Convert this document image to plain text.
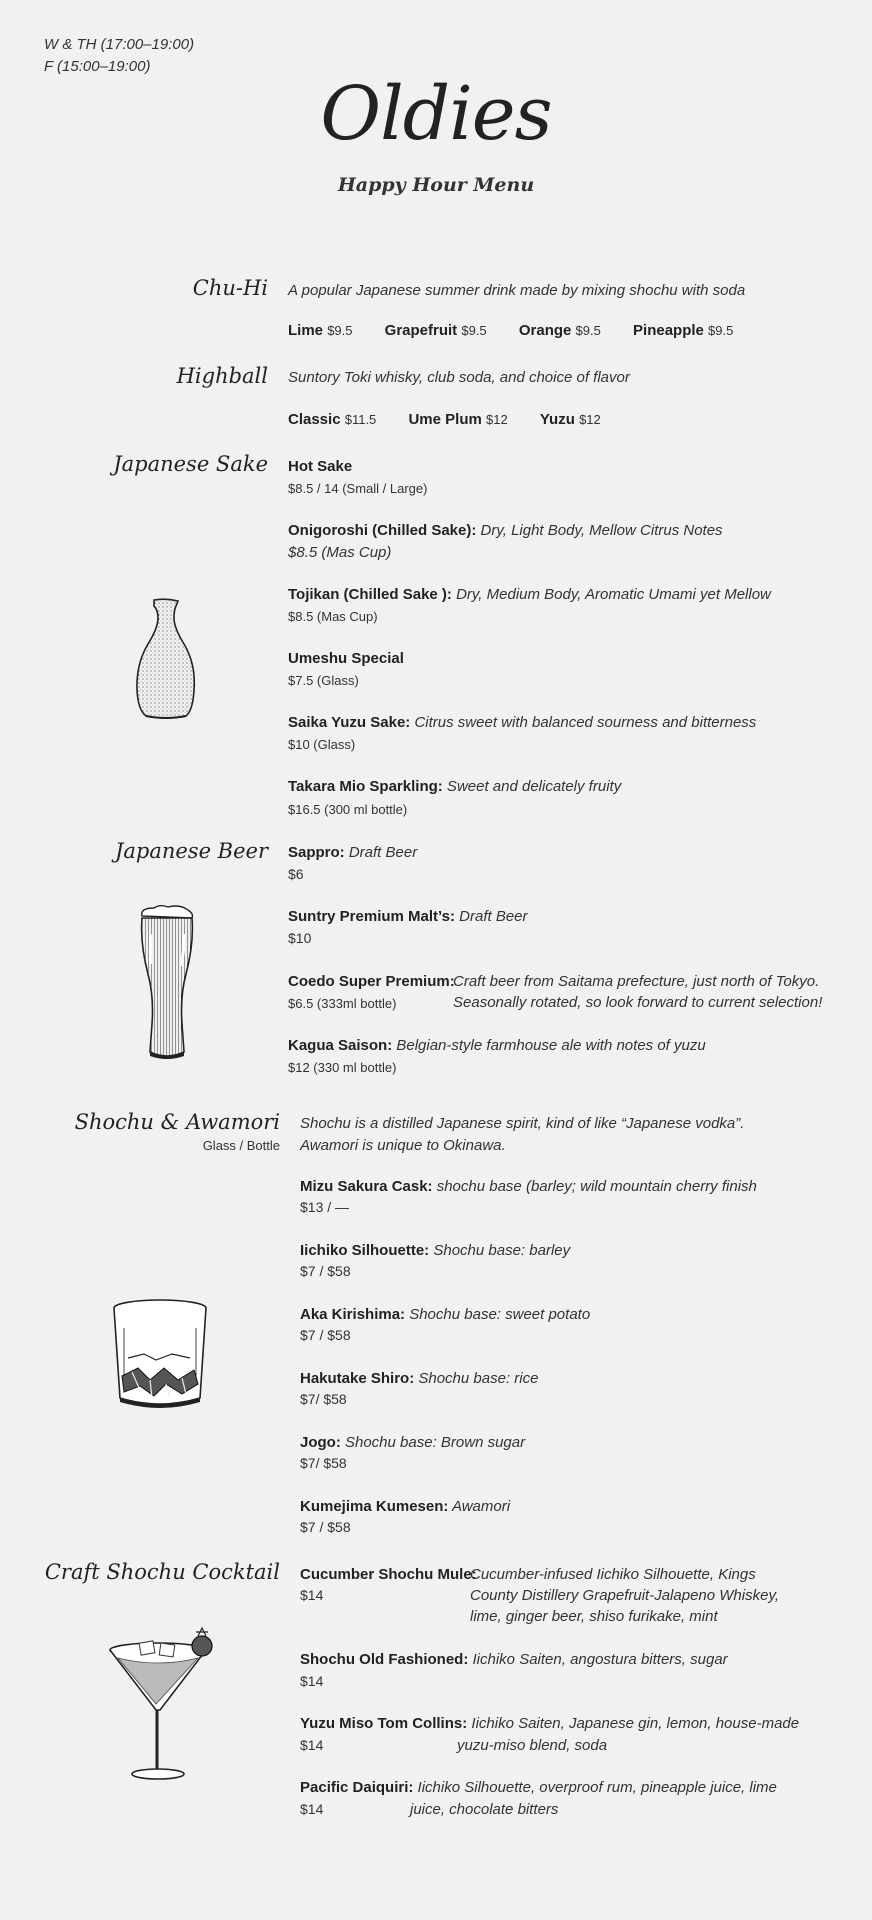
W & TH (17:00–19:00)
F (15:00–19:00)
Oldies
Happy Hour Menu
Chu-Hi A popular Japanese summer drink made by mixing shochu with soda
Lime $9.5 Grapefruit $9.5 Orange $9.5 Pineapple $9.5
Highball Suntory Toki whisky, club soda, and choice of flavor
Classic $11.5 Ume Plum $12 Yuzu $12
Japanese Sake Hot Sake
$8.5 / 14 (Small / Large)
Onigoroshi (Chilled Sake): Dry, Light Body, Mellow Citrus Notes
$8.5 (Mas Cup)
Tojikan (Chilled Sake ): Dry, Medium Body, Aromatic Umami yet Mellow
$8.5 (Mas Cup)
Umeshu Special
$7.5 (Glass)
Saika Yuzu Sake: Citrus sweet with balanced sourness and bitterness
$10 (Glass)
Takara Mio Sparkling: Sweet and delicately fruity
$16.5 (300 ml bottle)
Japanese Beer Sappro: Draft Beer
$6
Suntry Premium Malt’s: Draft Beer
$10
Coedo Super Premium:
Craft beer from Saitama prefecture, just north of Tokyo.
Seasonally rotated, so look forward to current selection!
$6.5 (333ml bottle)
Kagua Saison: Belgian-style farmhouse ale with notes of yuzu
$12 (330 ml bottle)
Shochu & Awamori
Glass / Bottle
Shochu is a distilled Japanese spirit, kind of like “Japanese vodka”.
Awamori is unique to Okinawa.
Mizu Sakura Cask: shochu base (barley; wild mountain cherry finish
$13 / —
Iichiko Silhouette: Shochu base: barley
$7 / $58
Aka Kirishima: Shochu base: sweet potato
$7 / $58
Hakutake Shiro: Shochu base: rice
$7/ $58
Jogo: Shochu base: Brown sugar
$7/ $58
Kumejima Kumesen: Awamori
$7 / $58
Craft Shochu Cocktail Cucumber Shochu Mule:
Cucumber-infused Iichiko Silhouette, Kings
County Distillery Grapefruit-Jalapeno Whiskey,
lime, ginger beer, shiso furikake, mint
$14
Shochu Old Fashioned: Iichiko Saiten, angostura bitters, sugar
$14
Yuzu Miso Tom Collins: Iichiko Saiten, Japanese gin, lemon, house-made
yuzu-miso blend, soda
$14
Pacific Daiquiri: Iichiko Silhouette, overproof rum, pineapple juice, lime
juice, chocolate bitters
$14
